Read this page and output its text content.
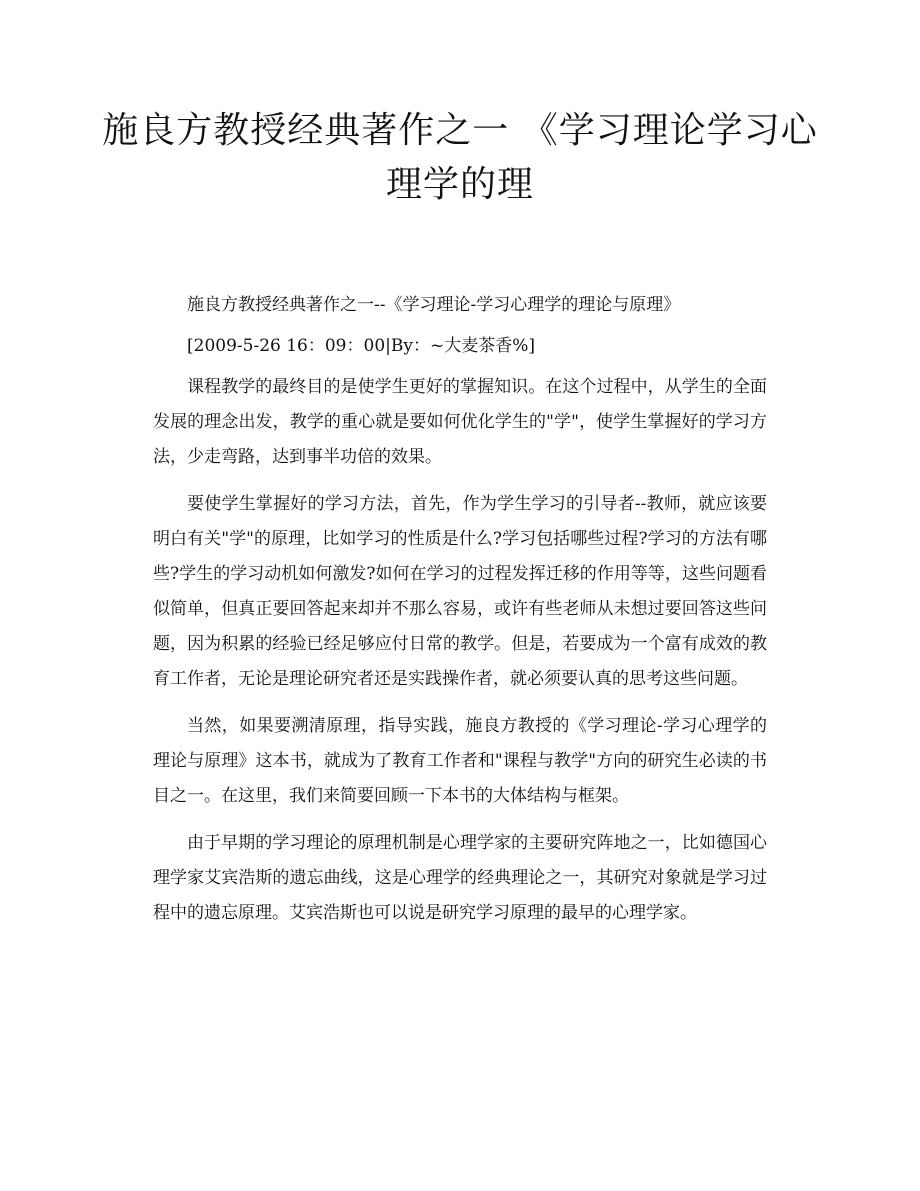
施良方教授经典著作之一 《学习理论学习心理学的理

施良方教授经典著作之一--《学习理论-学习心理学的理论与原理》

[2009-5-26 16：09：00|By：~大麦茶香%]

课程教学的最终目的是使学生更好的掌握知识。在这个过程中，从学生的全面发展的理念出发，教学的重心就是要如何优化学生的"学"，使学生掌握好的学习方法，少走弯路，达到事半功倍的效果。

要使学生掌握好的学习方法，首先，作为学生学习的引导者--教师，就应该要明白有关"学"的原理，比如学习的性质是什么?学习包括哪些过程?学习的方法有哪些?学生的学习动机如何激发?如何在学习的过程发挥迁移的作用等等，这些问题看似简单，但真正要回答起来却并不那么容易，或许有些老师从未想过要回答这些问题，因为积累的经验已经足够应付日常的教学。但是，若要成为一个富有成效的教育工作者，无论是理论研究者还是实践操作者，就必须要认真的思考这些问题。

当然，如果要溯清原理，指导实践，施良方教授的《学习理论-学习心理学的理论与原理》这本书，就成为了教育工作者和"课程与教学"方向的研究生必读的书目之一。在这里，我们来简要回顾一下本书的大体结构与框架。

由于早期的学习理论的原理机制是心理学家的主要研究阵地之一，比如德国心理学家艾宾浩斯的遗忘曲线，这是心理学的经典理论之一，其研究对象就是学习过程中的遗忘原理。艾宾浩斯也可以说是研究学习原理的最早的心理学家。
